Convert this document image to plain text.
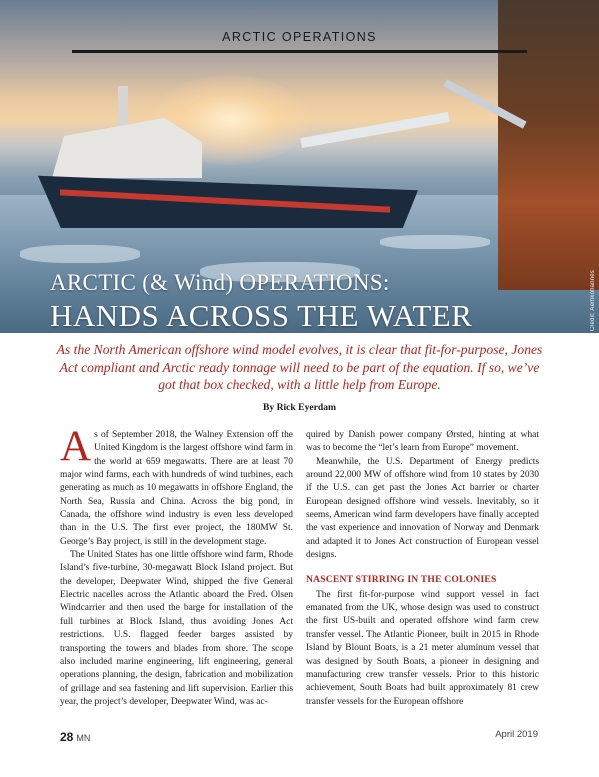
Credit: Aemkohannes
ARCTIC OPERATIONS
ARCTIC (& Wind) OPERATIONS:
HANDS ACROSS THE WATER
As the North American offshore wind model evolves, it is clear that fit-for-purpose, Jones Act compliant and Arctic ready tonnage will need to be part of the equation. If so, we’ve got that box checked, with a little help from Europe.
By Rick Eyerdam

As of September 2018, the Walney Extension off the United Kingdom is the largest offshore wind farm in the world at 659 megawatts. There are at least 70 major wind farms, each with hundreds of wind turbines, each generating as much as 10 megawatts in offshore England, the North Sea, Russia and China. Across the big pond, in Canada, the offshore wind industry is even less developed than in the U.S. The first ever project, the 180MW St. George’s Bay project, is still in the development stage.

The United States has one little offshore wind farm, Rhode Island’s five-turbine, 30-megawatt Block Island project. But the developer, Deepwater Wind, shipped the five General Electric nacelles across the Atlantic aboard the Fred. Olsen Windcarrier and then used the barge for installation of the full turbines at Block Island, thus avoiding Jones Act restrictions. U.S. flagged feeder barges assisted by transporting the towers and blades from shore. The scope also included marine engineering, lift engineering, general operations planning, the design, fabrication and mobilization of grillage and sea fastening and lift supervision. Earlier this year, the project’s developer, Deepwater Wind, was ac-

quired by Danish power company Ørsted, hinting at what was to become the “let’s learn from Europe” movement.

Meanwhile, the U.S. Department of Energy predicts around 22,000 MW of offshore wind from 10 states by 2030 if the U.S. can get past the Jones Act barrier or charter European designed offshore wind vessels. Inevitably, so it seems, American wind farm developers have finally accepted the vast experience and innovation of Norway and Denmark and adapted it to Jones Act construction of European vessel designs.

NASCENT STIRRING IN THE COLONIES

The first fit-for-purpose wind support vessel in fact emanated from the UK, whose design was used to construct the first US-built and operated offshore wind farm crew transfer vessel. The Atlantic Pioneer, built in 2015 in Rhode Island by Blount Boats, is a 21 meter aluminum vessel that was designed by South Boats, a pioneer in designing and manufacturing crew transfer vessels. Prior to this historic achievement, South Boats had built approximately 81 crew transfer vessels for the European offshore

28 MN	April 2019
